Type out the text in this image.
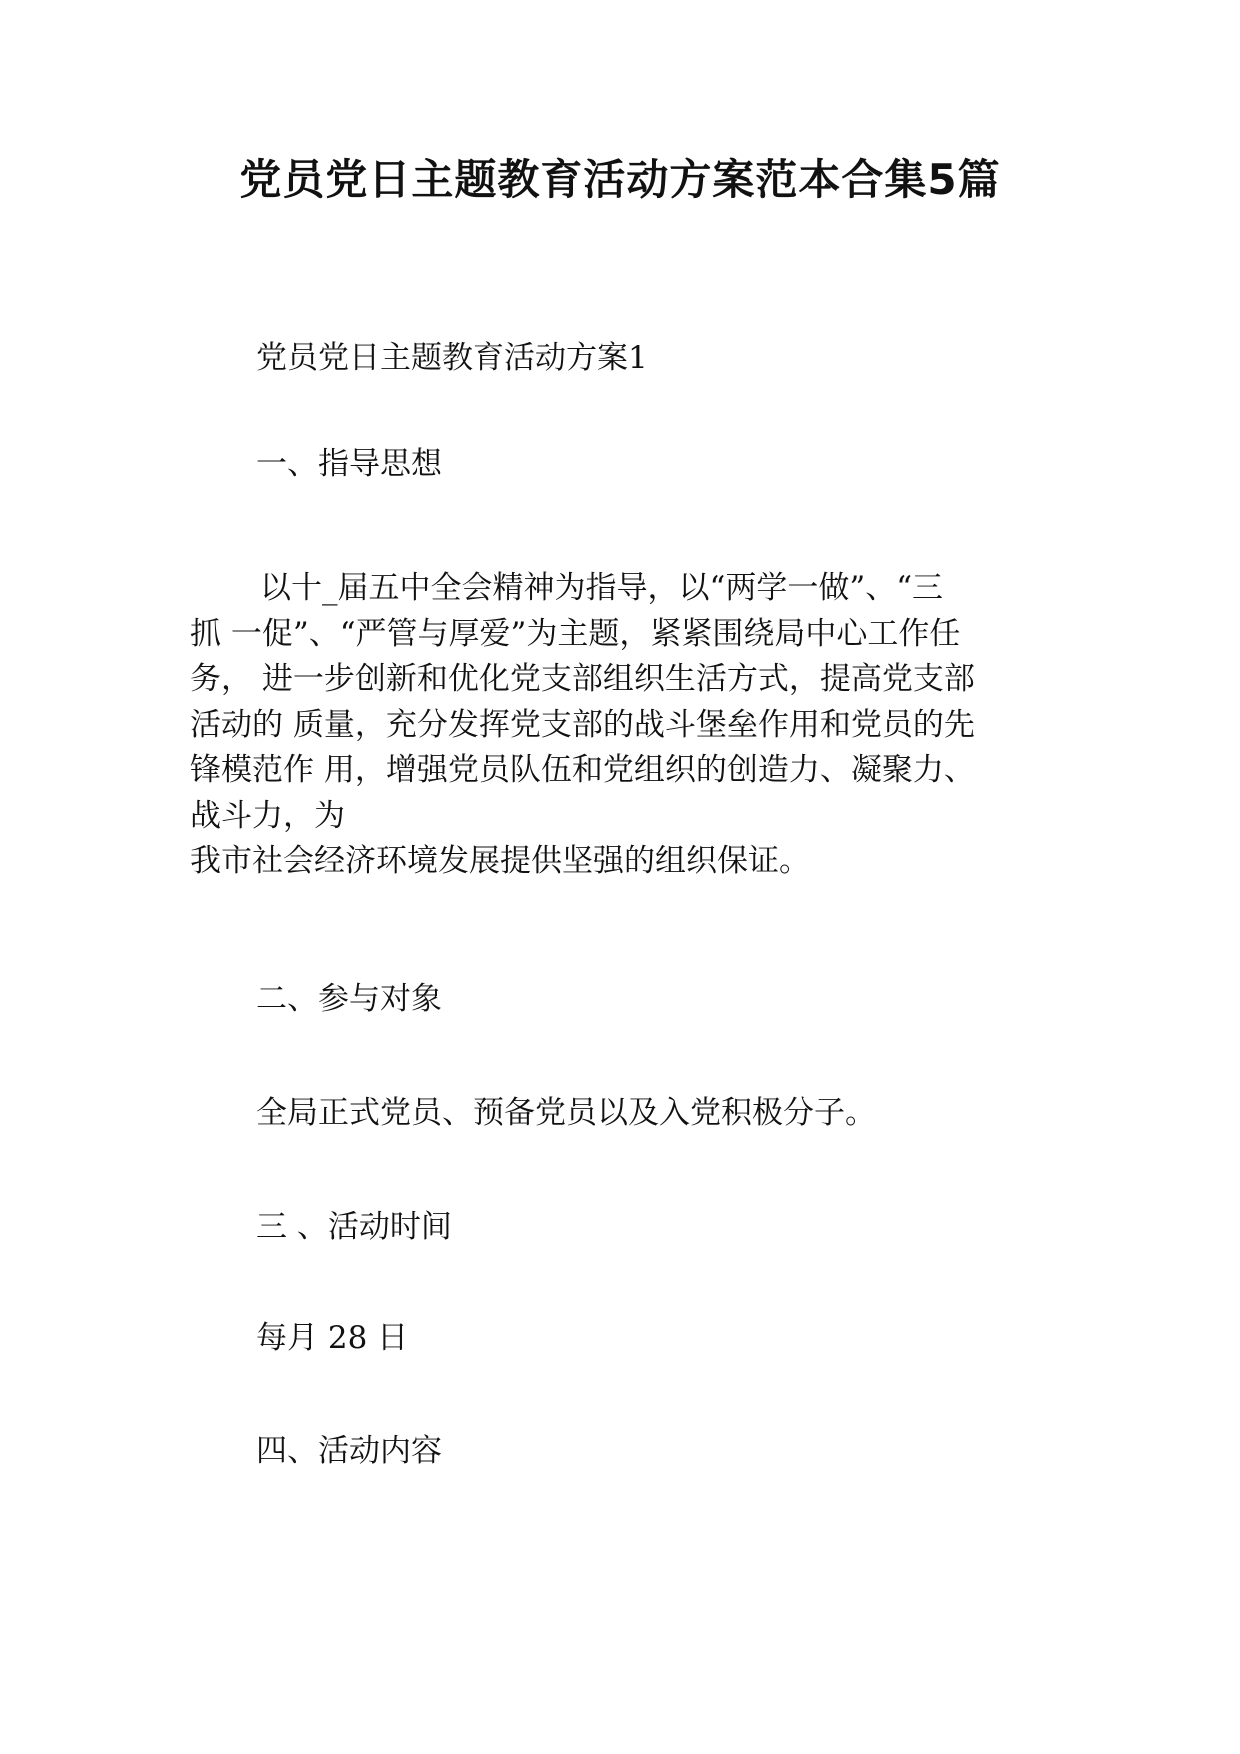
党员党日主题教育活动方案范本合集5篇

党员党日主题教育活动方案1

一、指导思想

以十_届五中全会精神为指导，以“两学一做”、“三
抓 一促”、“严管与厚爱”为主题，紧紧围绕局中心工作任
务， 进一步创新和优化党支部组织生活方式，提高党支部
活动的 质量，充分发挥党支部的战斗堡垒作用和党员的先
锋模范作 用，增强党员队伍和党组织的创造力、凝聚力、
战斗力，为
我市社会经济环境发展提供坚强的组织保证。

二、参与对象

全局正式党员、预备党员以及入党积极分子。

三 、活动时间

每月 28 日

四、活动内容
